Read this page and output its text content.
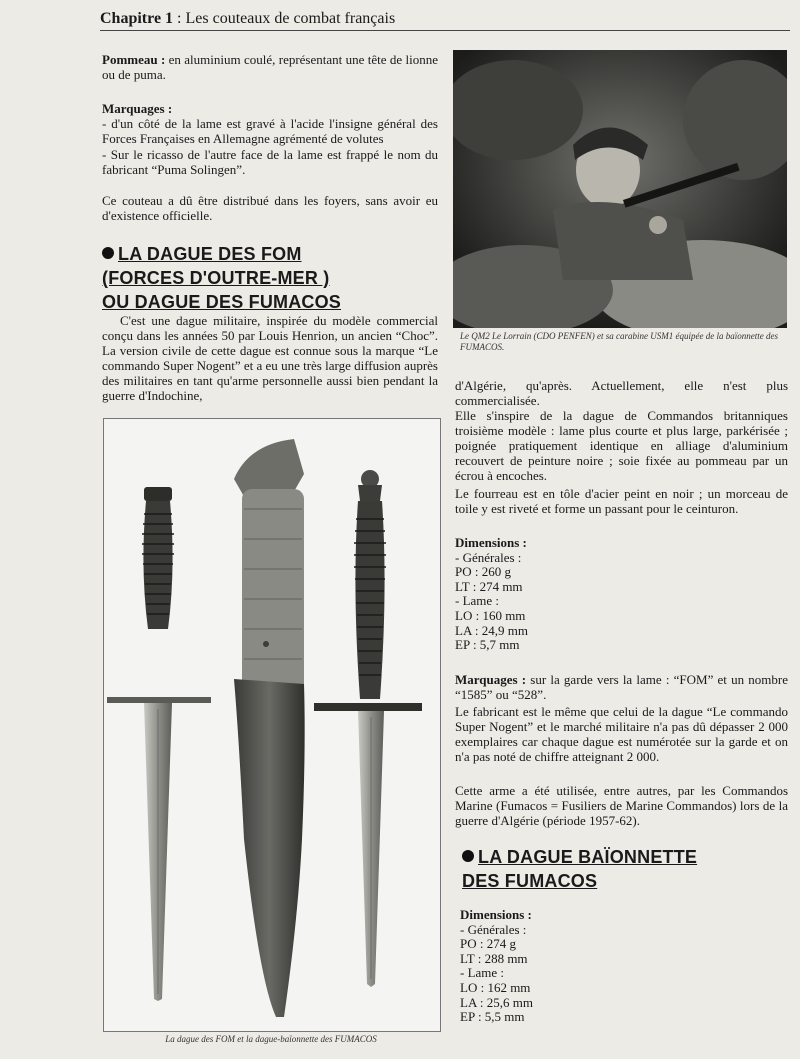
Chapitre 1 : Les couteaux de combat français
Pommeau : en aluminium coulé, représentant une tête de lionne ou de puma.
Marquages :
- d'un côté de la lame est gravé à l'acide l'insigne général des Forces Françaises en Allemagne agrémenté de volutes
- Sur le ricasso de l'autre face de la lame est frappé le nom du fabricant “Puma Solingen”.
Ce couteau a dû être distribué dans les foyers, sans avoir eu d'existence officielle.
LA DAGUE DES FOM
(FORCES D'OUTRE-MER )
OU DAGUE DES FUMACOS
C'est une dague militaire, inspirée du modèle commercial conçu dans les années 50 par Louis Henrion, un ancien “Choc”. La version civile de cette dague est connue sous la marque “Le commando Super Nogent” et a eu une très large diffusion auprès des militaires en tant qu'arme personnelle aussi bien pendant la guerre d'Indochine,
Le QM2 Le Lorrain (CDO PENFEN) et sa carabine USM1 équipée de la baïonnette des FUMACOS.
d'Algérie, qu'après. Actuellement, elle n'est plus commercialisée.
Elle s'inspire de la dague de Commandos britanniques troisième modèle : lame plus courte et plus large, parkérisée ; poignée pratiquement identique en alliage d'aluminium recouvert de peinture noire ; soie fixée au pommeau par un écrou à encoches.
Le fourreau est en tôle d'acier peint en noir ; un morceau de toile y est riveté et forme un passant pour le ceinturon.
Dimensions :
- Générales :
PO : 260 g
LT : 274 mm
- Lame :
LO : 160 mm
LA : 24,9 mm
EP : 5,7 mm
Marquages : sur la garde vers la lame : “FOM” et un nombre “1585” ou “528”.
Le fabricant est le même que celui de la dague “Le commando Super Nogent” et le marché militaire n'a pas dû dépasser 2 000 exemplaires car chaque dague est numérotée sur la garde et on n'a pas noté de chiffre atteignant 2 000.
Cette arme a été utilisée, entre autres, par les Commandos Marine (Fumacos = Fusiliers de Marine Commandos) lors de la guerre d'Algérie (période 1957-62).
LA DAGUE BAÏONNETTE
DES FUMACOS
Dimensions :
- Générales :
PO : 274 g
LT : 288 mm
- Lame :
LO : 162 mm
LA : 25,6 mm
EP : 5,5 mm
La dague des FOM et la dague-baïonnette des FUMACOS
